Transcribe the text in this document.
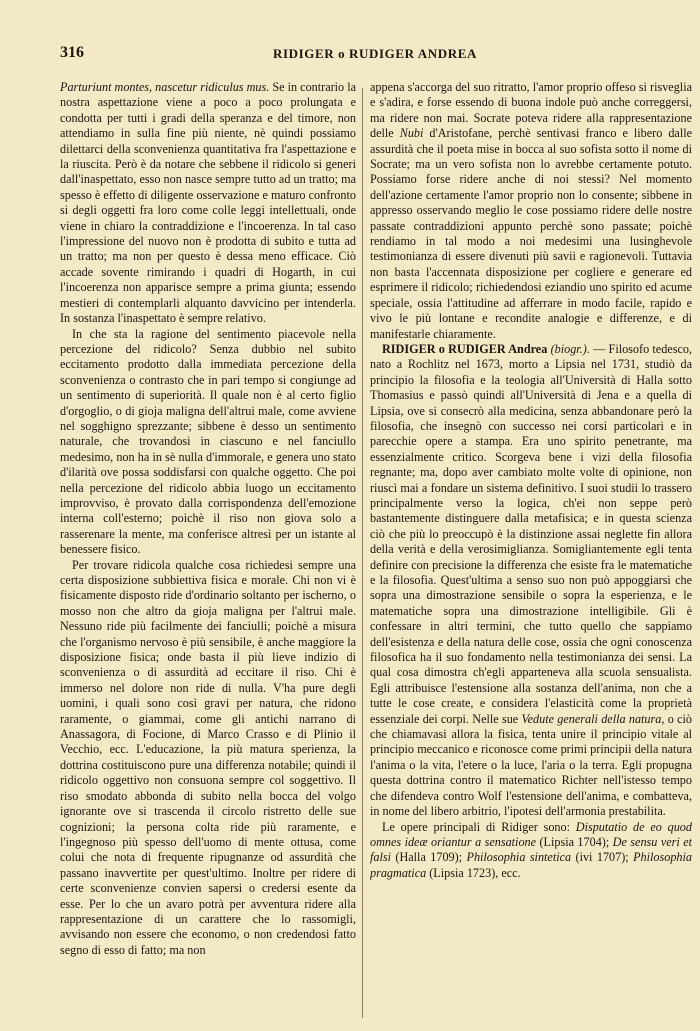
316	RIDIGER o RUDIGER ANDREA

Parturiunt montes, nascetur ridiculus mus. Se in contrario la nostra aspettazione viene a poco a poco prolungata e condotta per tutti i gradi della speranza e del timore, non attendiamo in sulla fine più niente, nè quindi possiamo dilettarci della sconvenienza quantitativa fra l'aspettazione e la riuscita. Però è da notare che sebbene il ridicolo si generi dall'inaspettato, esso non nasce sempre tutto ad un tratto; ma spesso è effetto di diligente osservazione e maturo confronto si degli oggetti fra loro come colle leggi intellettuali, onde viene in chiaro la contraddizione e l'incoerenza. In tal caso l'impressione del nuovo non è prodotta di subito e tutta ad un tratto; ma non per questo è dessa meno efficace. Ciò accade sovente rimirando i quadri di Hogarth, in cui l'incoerenza non apparisce sempre a prima giunta; essendo mestieri di contemplarli alquanto davvicino per intenderla. In sostanza l'inaspettato è sempre relativo.

In che sta la ragione del sentimento piacevole nella percezione del ridicolo? Senza dubbio nel subito eccitamento prodotto dalla immediata percezione della sconvenienza o contrasto che in pari tempo si congiunge ad un sentimento di superiorità. Il quale non è al certo figlio d'orgoglio, o di gioja maligna dell'altrui male, come avviene nel sogghigno sprezzante; sibbene è desso un sentimento naturale, che trovandosi in ciascuno e nel fanciullo medesimo, non ha in sè nulla d'immorale, e genera uno stato d'ilarità ove possa soddisfarsi con qualche oggetto. Che poi nella percezione del ridicolo abbia luogo un eccitamento improvviso, è provato dalla corrispondenza dell'emozione interna coll'esterno; poichè il riso non giova solo a rasserenare la mente, ma conferisce altresì per un istante al benessere fisico.

Per trovare ridicola qualche cosa richiedesi sempre una certa disposizione subbiettiva fisica e morale. Chi non vi è fisicamente disposto ride d'ordinario soltanto per ischerno, o mosso non che altro da gioja maligna per l'altrui male. Nessuno ride più facilmente dei fanciulli; poichè a misura che l'organismo nervoso è più sensibile, è anche maggiore la disposizione fisica; onde basta il più lieve indizio di sconvenienza o di assurdità ad eccitare il riso. Chi è immerso nel dolore non ride di nulla. V'ha pure degli uomini, i quali sono così gravi per natura, che ridono raramente, o giammai, come gli antichi narrano di Anassagora, di Focione, di Marco Crasso e di Plinio il Vecchio, ecc. L'educazione, la più matura sperienza, la dottrina costituiscono pure una differenza notabile; quindi il ridicolo oggettivo non consuona sempre col soggettivo. Il riso smodato abbonda di subito nella bocca del volgo ignorante ove si trascenda il circolo ristretto delle sue cognizioni; la persona colta ride più raramente, e l'ingegnoso più spesso dell'uomo di mente ottusa, come colui che nota di frequente ripugnanze od assurdità che passano inavvertite per quest'ultimo. Inoltre per ridere di certe sconvenienze convien sapersi o credersi esente da esse. Per lo che un avaro potrà per avventura ridere alla rappresentazione di un carattere che lo rassomigli, avvisando non essere che economo, o non credendosi fatto segno di esso di fatto; ma non

appena s'accorga del suo ritratto, l'amor proprio offeso si risveglia e s'adira, e forse essendo di buona indole può anche correggersi, ma ridere non mai. Socrate poteva ridere alla rappresentazione delle Nubi d'Aristofane, perchè sentivasi franco e libero dalle assurdità che il poeta mise in bocca al suo sofista sotto il nome di Socrate; ma un vero sofista non lo avrebbe certamente potuto. Possiamo forse ridere anche di noi stessi? Nel momento dell'azione certamente l'amor proprio non lo consente; sibbene in appresso osservando meglio le cose possiamo ridere delle nostre passate contraddizioni appunto perchè sono passate; poichè rendiamo in tal modo a noi medesimi una lusinghevole testimonianza di essere divenuti più savii e ragionevoli. Tuttavia non basta l'accennata disposizione per cogliere e generare ed esprimere il ridicolo; richiedendosi eziandio uno spirito ed acume speciale, ossia l'attitudine ad afferrare in modo facile, rapido e vivo le più lontane e recondite analogie e differenze, e di manifestarle chiaramente.

RIDIGER o RUDIGER Andrea (biogr.). — Filosofo tedesco, nato a Rochlitz nel 1673, morto a Lipsia nel 1731, studiò da principio la filosofia e la teologia all'Università di Halla sotto Thomasius e passò quindi all'Università di Jena e a quella di Lipsia, ove si consecrò alla medicina, senza abbandonare però la filosofia, che insegnò con successo nei corsi particolari e in parecchie opere a stampa. Era uno spirito penetrante, ma essenzialmente critico. Scorgeva bene i vizi della filosofia regnante; ma, dopo aver cambiato molte volte di opinione, non riuscì mai a fondare un sistema definitivo. I suoi studii lo trassero principalmente verso la logica, ch'ei non seppe però bastantemente distinguere dalla metafisica; e in questa scienza ciò che più lo preoccupò è la distinzione assai neglette fin allora della verità e della verosimiglianza. Somigliantemente egli tenta definire con precisione la differenza che esiste fra le matematiche e la filosofia. Quest'ultima a senso suo non può appoggiarsi che sopra una dimostrazione sensibile o sopra la esperienza, e le matematiche sopra una dimostrazione intelligibile. Gli è confessare in altri termini, che tutto quello che sappiamo dell'esistenza e della natura delle cose, ossia che ogni conoscenza filosofica ha il suo fondamento nella testimonianza dei sensi. La qual cosa dimostra ch'egli apparteneva alla scuola sensualista. Egli attribuisce l'estensione alla sostanza dell'anima, non che a tutte le cose create, e considera l'elasticità come la proprietà essenziale dei corpi. Nelle sue Vedute generali della natura, o ciò che chiamavasi allora la fisica, tenta unire il principio vitale al principio meccanico e riconosce come primi principii della natura l'anima o la vita, l'etere o la luce, l'aria o la terra. Egli propugna questa dottrina contro il matematico Richter nell'istesso tempo che difendeva contro Wolf l'estensione dell'anima, e combatteva, in nome del libero arbitrio, l'ipotesi dell'armonia prestabilita.

Le opere principali di Ridiger sono: Disputatio de eo quod omnes ideæ oriantur a sensatione (Lipsia 1704); De sensu veri et falsi (Halla 1709); Philosophia sintetica (ivi 1707); Philosophia pragmatica (Lipsia 1723), ecc.
